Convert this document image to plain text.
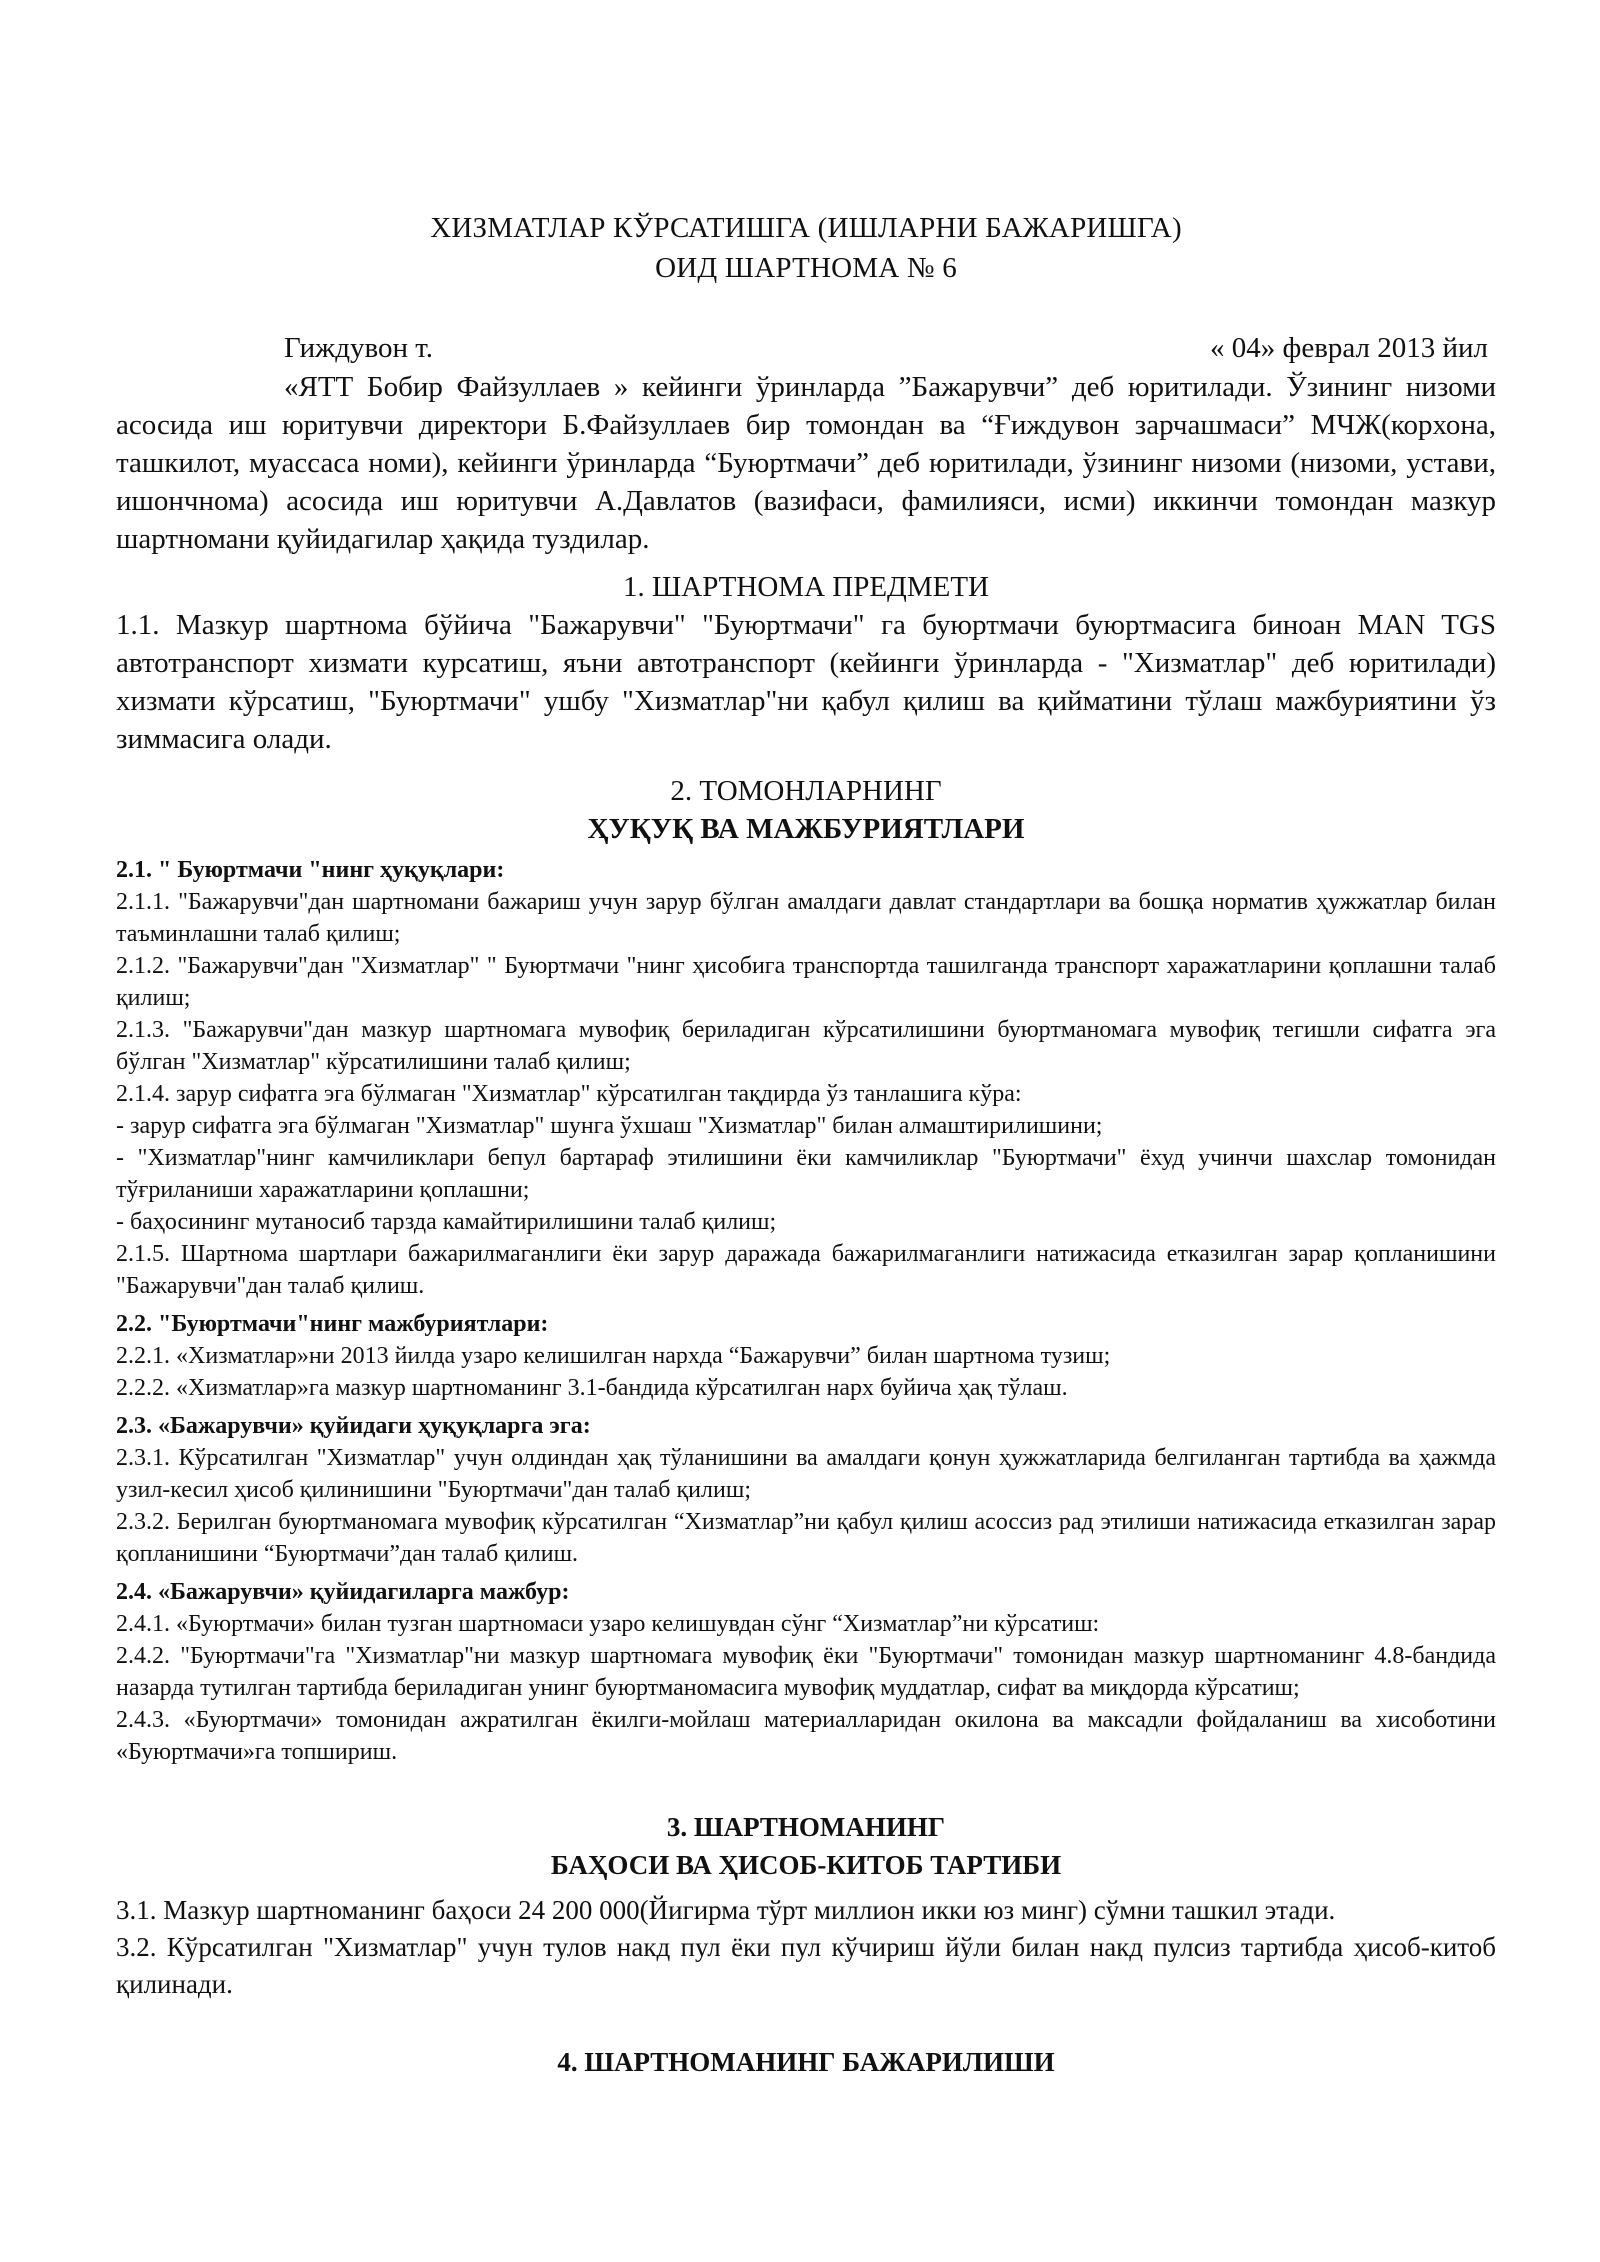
ХИЗМАТЛАР КЎРСАТИШГА (ИШЛАРНИ БАЖАРИШГА)
ОИД ШАРТНОМА № 6
Гиждувон т.	« 04» феврал 2013 йил

«ЯТТ Бобир Файзуллаев » кейинги ўринларда ”Бажарувчи” деб юритилади. Ўзининг низоми асосида иш юритувчи директори Б.Файзуллаев бир томондан ва “Ғиждувон зарчашмаси” МЧЖ(корхона, ташкилот, муассаса номи), кейинги ўринларда “Буюртмачи” деб юритилади, ўзининг низоми (низоми, устави, ишончнома) асосида иш юритувчи А.Давлатов (вазифаси, фамилияси, исми) иккинчи томондан мазкур шартномани қуйидагилар ҳақида туздилар.

1. ШАРТНОМА ПРЕДМЕТИ

1.1. Мазкур шартнома бўйича "Бажарувчи" "Буюртмачи" га буюртмачи буюртмасига биноан MAN TGS автотранспорт хизмати курсатиш, яъни автотранспорт (кейинги ўринларда - "Хизматлар" деб юритилади) хизмати кўрсатиш, "Буюртмачи" ушбу "Хизматлар"ни қабул қилиш ва қийматини тўлаш мажбуриятини ўз зиммасига олади.

2. ТОМОНЛАРНИНГ
ҲУҚУҚ ВА МАЖБУРИЯТЛАРИ

2.1. " Буюртмачи "нинг ҳуқуқлари:

2.1.1. "Бажарувчи"дан шартномани бажариш учун зарур бўлган амалдаги давлат стандартлари ва бошқа норматив ҳужжатлар билан таъминлашни талаб қилиш;

2.1.2. "Бажарувчи"дан "Хизматлар" " Буюртмачи "нинг ҳисобига транспортда ташилганда транспорт харажатларини қоплашни талаб қилиш;

2.1.3. "Бажарувчи"дан мазкур шартномага мувофиқ бериладиган кўрсатилишини буюртманомага мувофиқ тегишли сифатга эга бўлган "Хизматлар" кўрсатилишини талаб қилиш;

2.1.4. зарур сифатга эга бўлмаган "Хизматлар" кўрсатилган тақдирда ўз танлашига кўра:

- зарур сифатга эга бўлмаган "Хизматлар" шунга ўхшаш "Хизматлар" билан алмаштирилишини;

- "Хизматлар"нинг камчиликлари бепул бартараф этилишини ёки камчиликлар "Буюртмачи" ёхуд учинчи шахслар томонидан тўғриланиши харажатларини қоплашни;

- баҳосининг мутаносиб тарзда камайтирилишини талаб қилиш;

2.1.5. Шартнома шартлари бажарилмаганлиги ёки зарур даражада бажарилмаганлиги натижасида етказилган зарар қопланишини "Бажарувчи"дан талаб қилиш.

2.2. "Буюртмачи"нинг мажбуриятлари:

2.2.1. «Хизматлар»ни 2013 йилда узаро келишилган нархда “Бажарувчи” билан шартнома тузиш;

2.2.2. «Хизматлар»га мазкур шартноманинг 3.1-бандида кўрсатилган нарх буйича ҳақ тўлаш.

2.3. «Бажарувчи» қуйидаги ҳуқуқларга эга:

2.3.1. Кўрсатилган "Хизматлар" учун олдиндан ҳақ тўланишини ва амалдаги қонун ҳужжатларида белгиланган тартибда ва ҳажмда узил-кесил ҳисоб қилинишини "Буюртмачи"дан талаб қилиш;

2.3.2. Берилган буюртманомага мувофиқ кўрсатилган “Хизматлар”ни қабул қилиш асоссиз рад этилиши натижасида етказилган зарар қопланишини “Буюртмачи”дан талаб қилиш.

2.4. «Бажарувчи» қуйидагиларга мажбур:

2.4.1. «Буюртмачи» билан тузган шартномаси узаро келишувдан сўнг “Хизматлар”ни кўрсатиш:

2.4.2. "Буюртмачи"га "Хизматлар"ни мазкур шартномага мувофиқ ёки "Буюртмачи" томонидан мазкур шартноманинг 4.8-бандида назарда тутилган тартибда бериладиган унинг буюртманомасига мувофиқ муддатлар, сифат ва миқдорда кўрсатиш;

2.4.3. «Буюртмачи» томонидан ажратилган ёкилги-мойлаш материалларидан окилона ва максадли фойдаланиш ва хисоботини «Буюртмачи»га топшириш.

3. ШАРТНОМАНИНГ
БАҲОСИ ВА ҲИСОБ-КИТОБ ТАРТИБИ

3.1. Мазкур шартноманинг баҳоси 24 200 000(Йигирма тўрт миллион икки юз минг) сўмни ташкил этади.

3.2. Кўрсатилган "Хизматлар" учун тулов накд пул ёки пул кўчириш йўли билан накд пулсиз тартибда ҳисоб-китоб қилинади.

4. ШАРТНОМАНИНГ БАЖАРИЛИШИ
